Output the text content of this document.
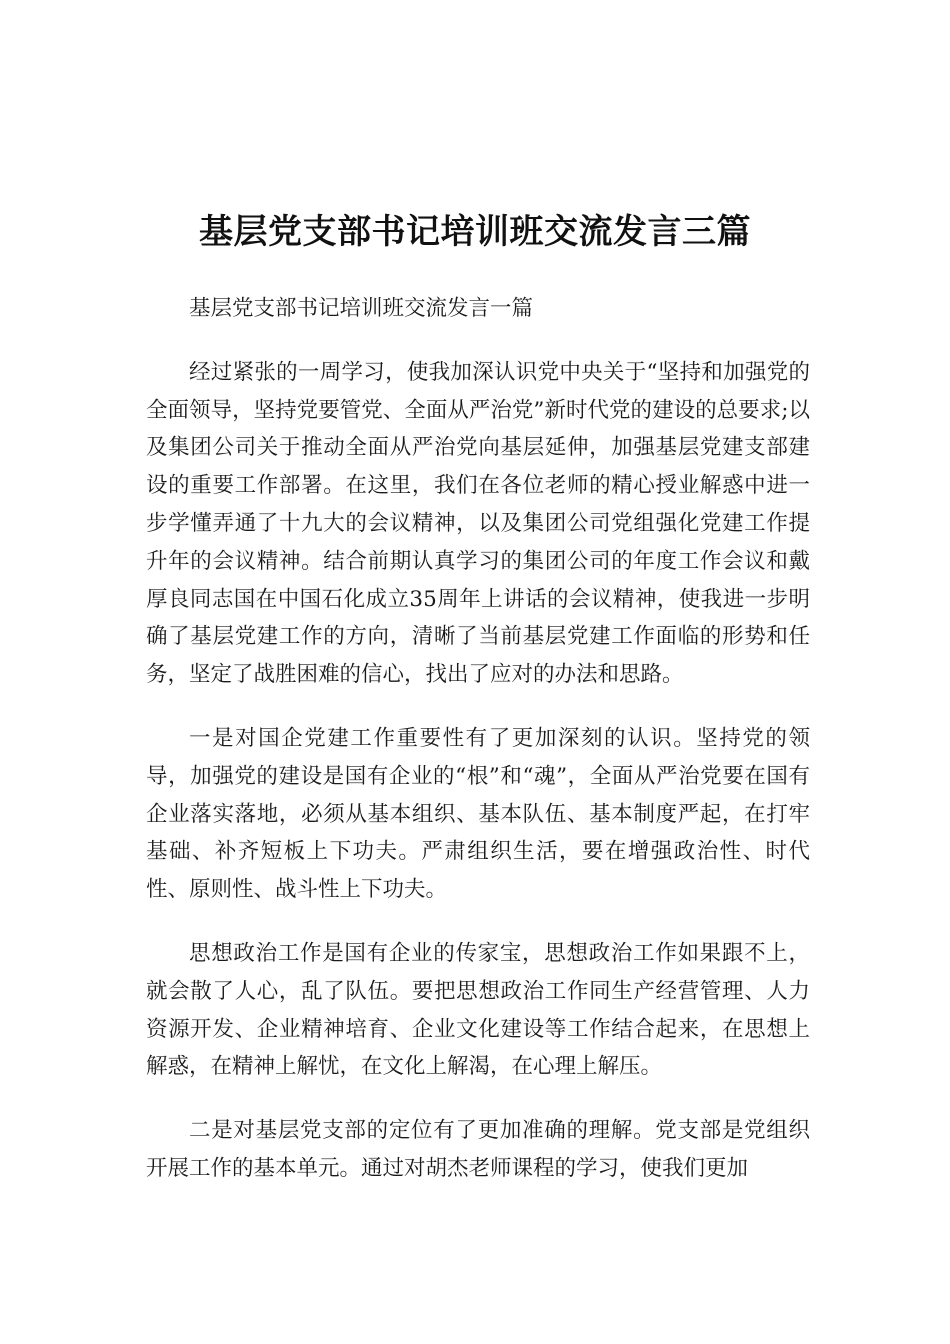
基层党支部书记培训班交流发言三篇

基层党支部书记培训班交流发言一篇

经过紧张的一周学习，使我加深认识党中央关于“坚持和加强党的全面领导，坚持党要管党、全面从严治党”新时代党的建设的总要求;以及集团公司关于推动全面从严治党向基层延伸，加强基层党建支部建设的重要工作部署。在这里，我们在各位老师的精心授业解惑中进一步学懂弄通了十九大的会议精神，以及集团公司党组强化党建工作提升年的会议精神。结合前期认真学习的集团公司的年度工作会议和戴厚良同志国在中国石化成立35周年上讲话的会议精神，使我进一步明确了基层党建工作的方向，清晰了当前基层党建工作面临的形势和任务，坚定了战胜困难的信心，找出了应对的办法和思路。

一是对国企党建工作重要性有了更加深刻的认识。坚持党的领导，加强党的建设是国有企业的“根”和“魂”，全面从严治党要在国有企业落实落地，必须从基本组织、基本队伍、基本制度严起，在打牢基础、补齐短板上下功夫。严肃组织生活，要在增强政治性、时代性、原则性、战斗性上下功夫。

思想政治工作是国有企业的传家宝，思想政治工作如果跟不上，就会散了人心，乱了队伍。要把思想政治工作同生产经营管理、人力资源开发、企业精神培育、企业文化建设等工作结合起来，在思想上解惑，在精神上解忧，在文化上解渴，在心理上解压。

二是对基层党支部的定位有了更加准确的理解。党支部是党组织开展工作的基本单元。通过对胡杰老师课程的学习，使我们更加
